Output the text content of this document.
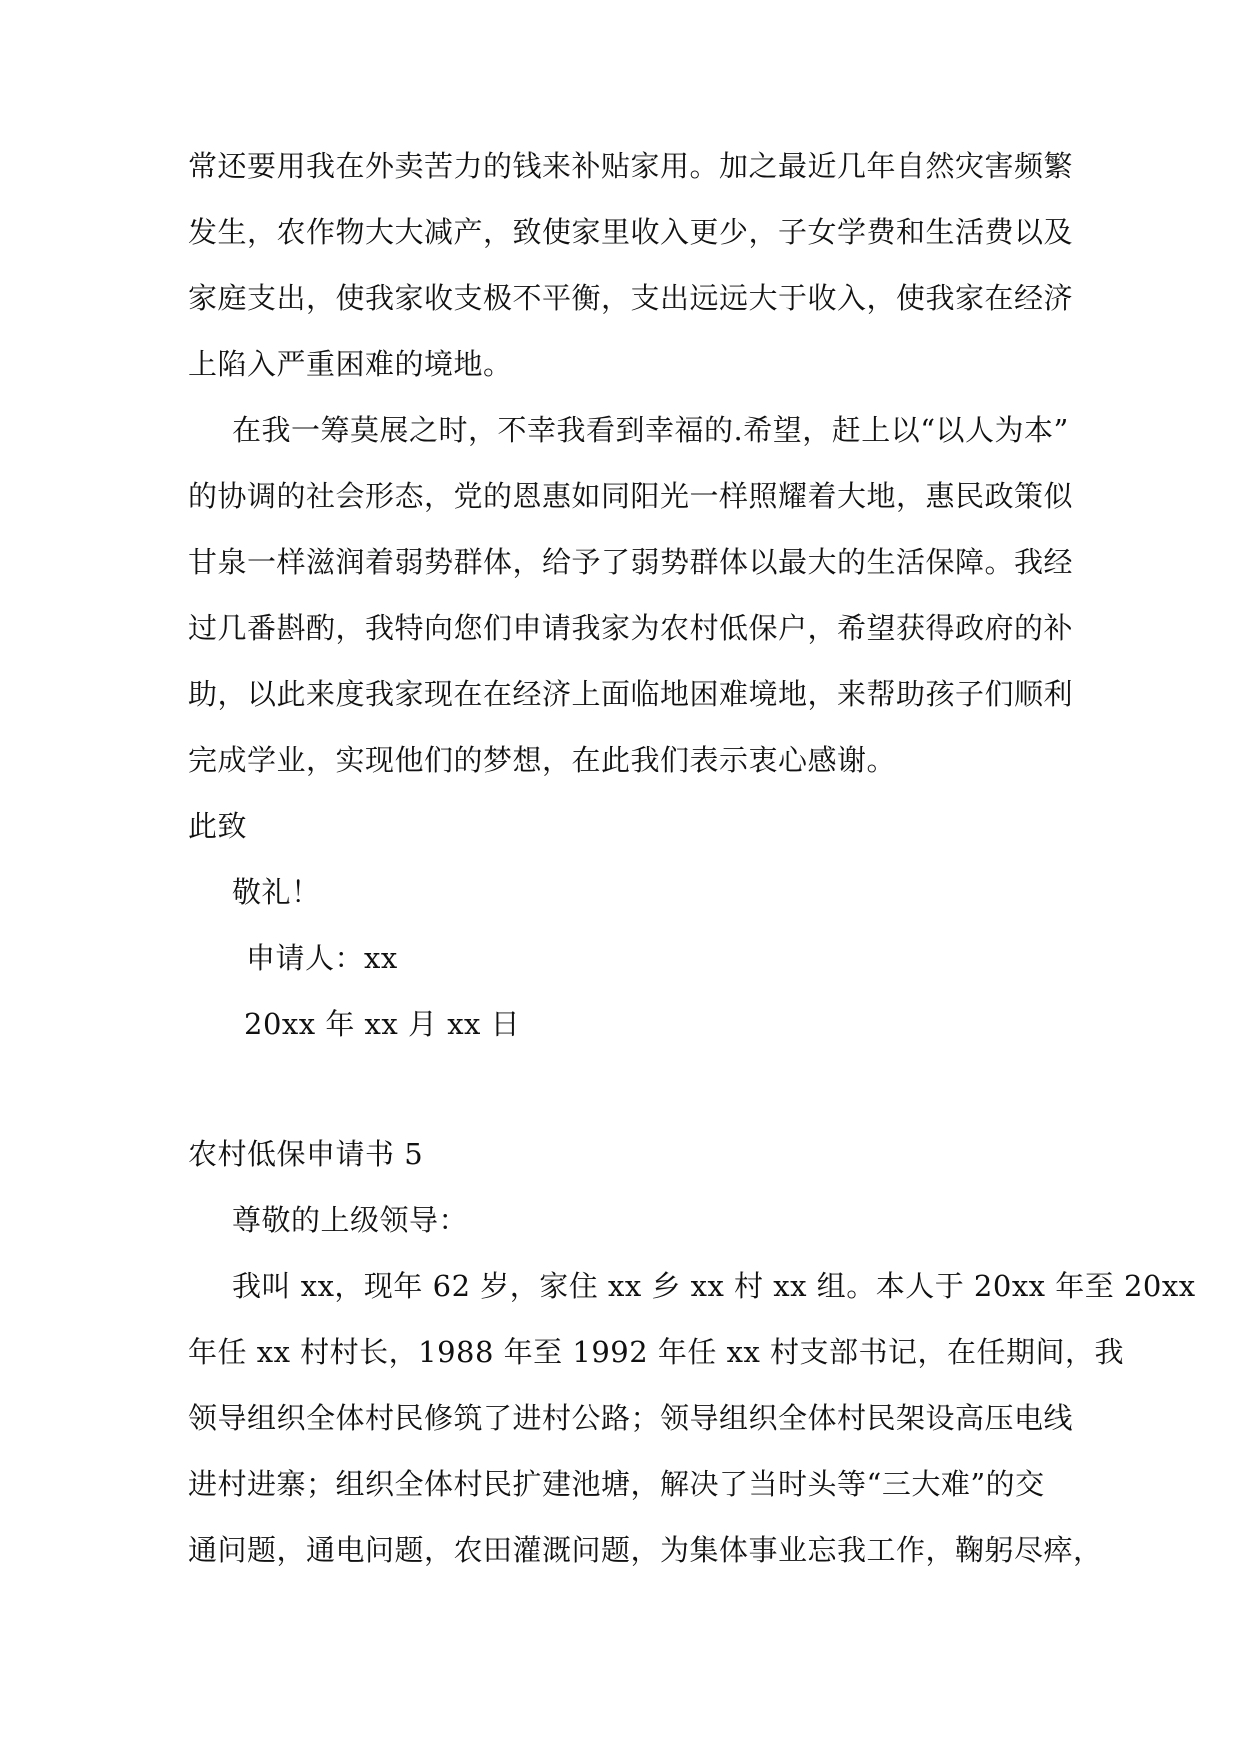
常还要用我在外卖苦力的钱来补贴家用。加之最近几年自然灾害频繁
发生，农作物大大减产，致使家里收入更少，子女学费和生活费以及
家庭支出，使我家收支极不平衡，支出远远大于收入，使我家在经济
上陷入严重困难的境地。
在我一筹莫展之时，不幸我看到幸福的.希望，赶上以“以人为本”
的协调的社会形态，党的恩惠如同阳光一样照耀着大地，惠民政策似
甘泉一样滋润着弱势群体，给予了弱势群体以最大的生活保障。我经
过几番斟酌，我特向您们申请我家为农村低保户，希望获得政府的补
助，以此来度我家现在在经济上面临地困难境地，来帮助孩子们顺利
完成学业，实现他们的梦想，在此我们表示衷心感谢。
此致
敬礼！
申请人：xx
20xx 年 xx 月 xx 日
农村低保申请书 5
尊敬的上级领导：
我叫 xx，现年 62 岁，家住 xx 乡 xx 村 xx 组。本人于 20xx 年至 20xx
年任 xx 村村长，1988 年至 1992 年任 xx 村支部书记，在任期间，我
领导组织全体村民修筑了进村公路；领导组织全体村民架设高压电线
进村进寨；组织全体村民扩建池塘，解决了当时头等“三大难”的交
通问题，通电问题，农田灌溉问题，为集体事业忘我工作，鞠躬尽瘁，
